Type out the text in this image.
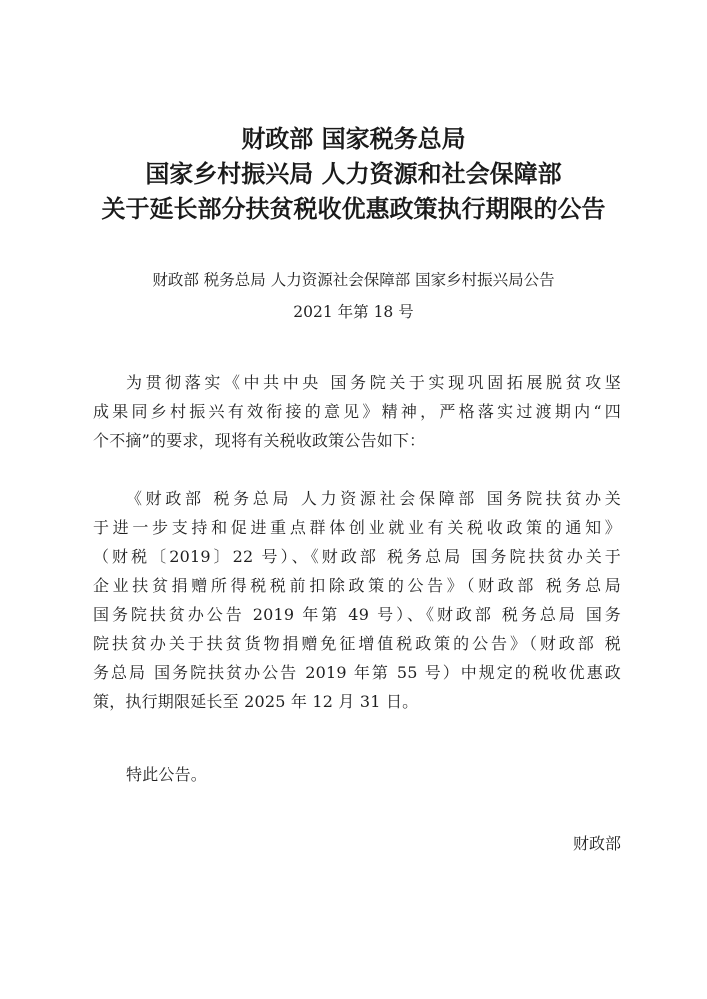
财政部 国家税务总局
国家乡村振兴局 人力资源和社会保障部
关于延长部分扶贫税收优惠政策执行期限的公告
财政部 税务总局 人力资源社会保障部 国家乡村振兴局公告
2021 年第 18 号
为贯彻落实《中共中央 国务院关于实现巩固拓展脱贫攻坚
成果同乡村振兴有效衔接的意见》精神，严格落实过渡期内“四
个不摘”的要求，现将有关税收政策公告如下：
《财政部 税务总局 人力资源社会保障部 国务院扶贫办关
于进一步支持和促进重点群体创业就业有关税收政策的通知》
（财税〔2019〕22 号）、《财政部 税务总局 国务院扶贫办关于
企业扶贫捐赠所得税税前扣除政策的公告》（财政部 税务总局
国务院扶贫办公告 2019 年第 49 号）、《财政部 税务总局 国务
院扶贫办关于扶贫货物捐赠免征增值税政策的公告》（财政部 税
务总局 国务院扶贫办公告 2019 年第 55 号）中规定的税收优惠政
策，执行期限延长至 2025 年 12 月 31 日。
特此公告。
财政部
